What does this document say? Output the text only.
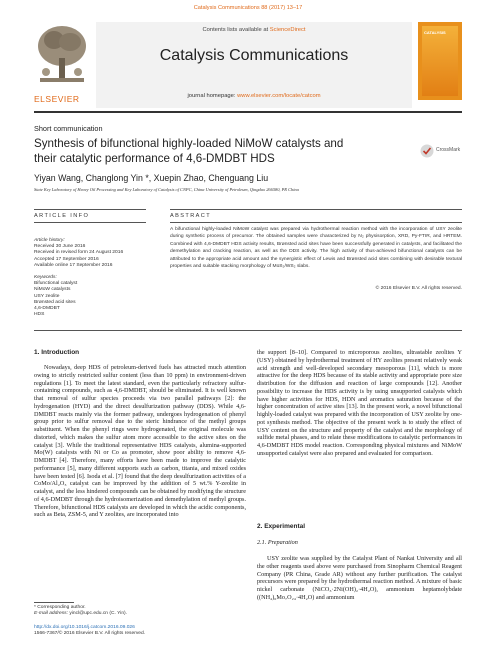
Catalysis Communications 88 (2017) 13–17
ELSEVIER
Contents lists available at ScienceDirect
Catalysis Communications
journal homepage: www.elsevier.com/locate/catcom
CATALYSIS
Short communication
Synthesis of bifunctional highly-loaded NiMoW catalysts and their catalytic performance of 4,6-DMDBT HDS
CrossMark
Yiyan Wang, Changlong Yin *, Xuepin Zhao, Chenguang Liu
State Key Laboratory of Heavy Oil Processing and Key Laboratory of Catalysis of CNPC, China University of Petroleum, Qingdao 266580, PR China
ARTICLE INFO	ABSTRACT
Article history:
Received 30 June 2016
Received in revised form 24 August 2016
Accepted 17 September 2016
Available online 17 September 2016
Keywords:
Bifunctional catalyst
NiMoW catalysts
USY zeolite
Brønsted acid sites
4,6-DMDBT
HDS
A bifunctional highly-loaded NiMoW catalyst was prepared via hydrothermal reaction method with the incorporation of USY zeolite during synthetic process of precursor. The obtained samples were characterized by N₂ physisorption, XRD, Py-FTIR, and HRTEM. Combined with 4,6-DMDBT HDS activity results, Brønsted acid sites have been successfully generated in catalysts, and facilitated the demethylation and cracking reaction, as well as the DDS activity. The high activity of thus-achieved bifunctional catalysts can be attributed to the appropriate acid amount and the synergistic effect of Lewis and Brønsted acid sites combining with desirable textural properties and suitable stacking morphology of MoS₂/WS₂ slabs.
© 2016 Elsevier B.V. All rights reserved.
1. Introduction

Nowadays, deep HDS of petroleum-derived fuels has attracted much attention owing to strictly restricted sulfur content (less than 10 ppm) in environment-driven regulations [1]. To meet the latest standard, even the particularly refractory sulfur-containing compounds, such as 4,6-DMDBT, should be eliminated. It is well known that removal of sulfur species proceeds via two parallel pathways [2]: the hydrogenation (HYD) and the direct desulfurization pathway (DDS). While 4,6-DMDBT reacts mainly via the former pathway, undergoes hydrogenation of phenyl group prior to sulfur removal due to the steric hindrance of the methyl groups substituent. When the phenyl rings were hydrogenated, the original molecule was distorted, which makes the sulfur atom more accessible to the active sites on the catalyst [3]. While the traditional representative HDS catalysts, alumina-supported Mo(W) catalysts with Ni or Co as promoter, show poor ability to remove 4,6-DMDBT [4]. Therefore, many efforts have been made to improve the catalytic performance [5], many different supports such as carbon, titania, and mixed oxides have been tested [6]. Isoda et al. [7] found that the deep desulfurization activities of a CoMo/Al₂O₃ catalyst can be improved by the addition of 5 wt.% Y-zeolite in catalyst, and the less hindered compounds can be obtained by modifying the structure of 4,6-DMDBT through the hydroisomerization and demethylation of methyl groups. Therefore, bifunctional HDS catalysts are developed in which the acidic components, such as Beta, ZSM-5, and Y zeolites, are incorporated into

* Corresponding author.
E-mail address: yincl@upc.edu.cn (C. Yin).
http://dx.doi.org/10.1016/j.catcom.2016.09.026
1566-7367/© 2016 Elsevier B.V. All rights reserved.

the support [8–10]. Compared to microporous zeolites, ultrastable zeolites Y (USY) obtained by hydrothermal treatment of HY zeolites present relatively weak acid strength and well-developed secondary mesoporous [11], which is more attractive for the deep HDS because of its stable activity and appropriate pore size distribution for the diffusion and reaction of large compounds [12]. Another possibility to increase the HDS activity is by using unsupported catalysts which have higher activities for HDS, HDN and aromatics saturation because of the higher concentration of active sites [13]. In the present work, a novel bifunctional highly-loaded catalyst was prepared with the incorporation of USY zeolite by one-pot synthesis method. The objective of the present work is to study the effect of USY content on the structure and property of the catalyst and the morphology of sulfide metal phases, and to relate these modifications to catalytic performances in 4,6-DMDBT HDS model reaction. Corresponding physical mixtures and NiMoW unsupported catalyst were also prepared and evaluated for comparison.

2. Experimental
2.1. Preparation

USY zeolite was supplied by the Catalyst Plant of Nankai University and all the other reagents used above were purchased from Sinopharm Chemical Reagent Company (PR China, Grade AR) without any further purification. The catalyst precursors were prepared by the hydrothermal reaction method. A mixture of basic nickel carbonate (NiCO₃·2Ni(OH)₂·4H₂O), ammonium heptamolybdate ((NH₄)₆Mo₇O₂₄·4H₂O) and ammonium
